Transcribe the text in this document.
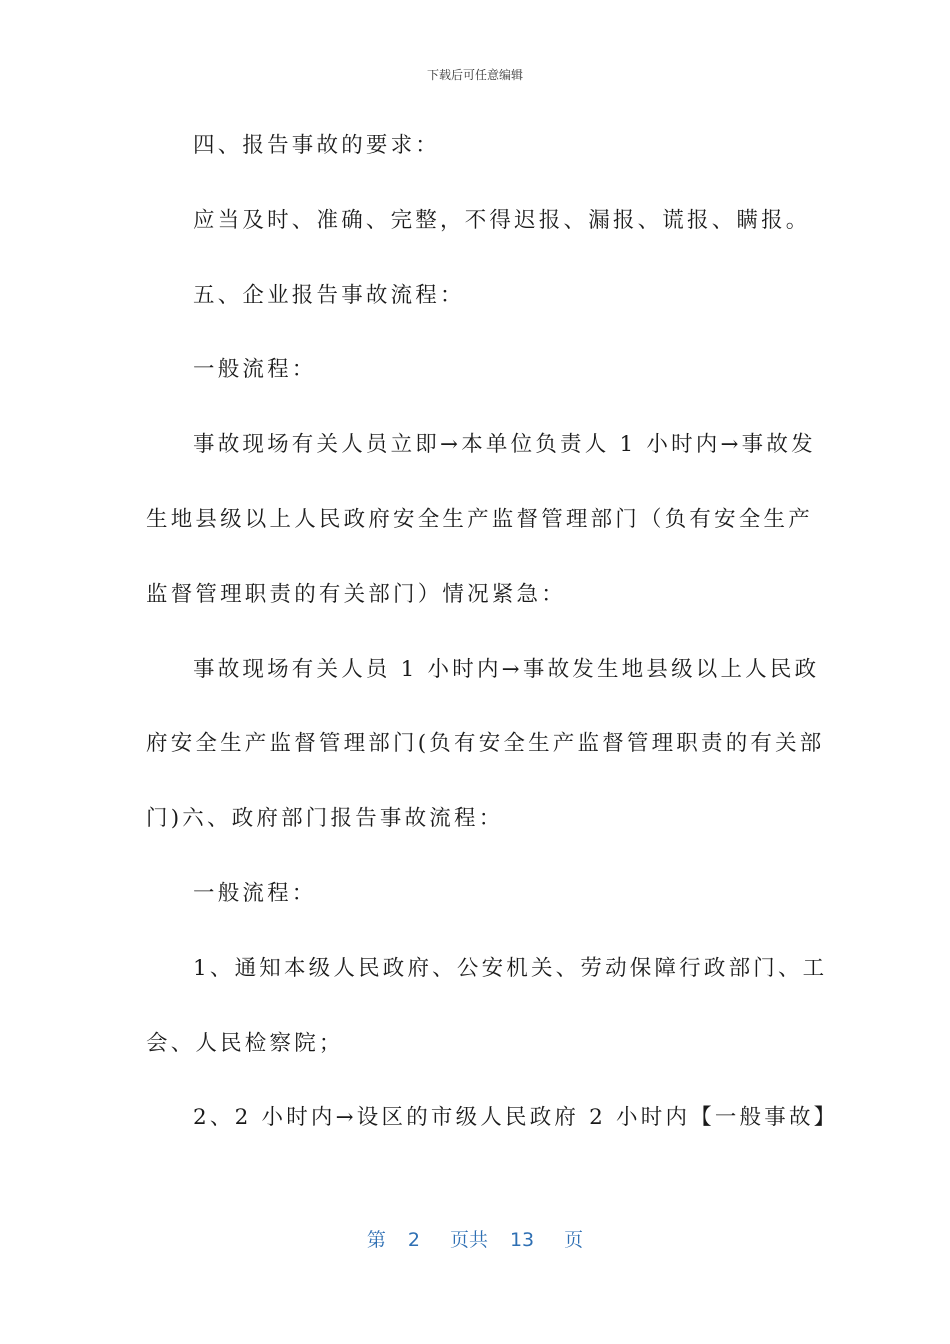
下载后可任意编辑
四、报告事故的要求：
应当及时、准确、完整，不得迟报、漏报、谎报、瞒报。
五、企业报告事故流程：
一般流程：
事故现场有关人员立即→本单位负责人 1 小时内→事故发
生地县级以上人民政府安全生产监督管理部门（负有安全生产
监督管理职责的有关部门）情况紧急：
事故现场有关人员 1 小时内→事故发生地县级以上人民政
府安全生产监督管理部门(负有安全生产监督管理职责的有关部
门)六、政府部门报告事故流程：
一般流程：
1、通知本级人民政府、公安机关、劳动保障行政部门、工
会、人民检察院；
2、2 小时内→设区的市级人民政府 2 小时内【一般事故】
第 2 页共 13 页
